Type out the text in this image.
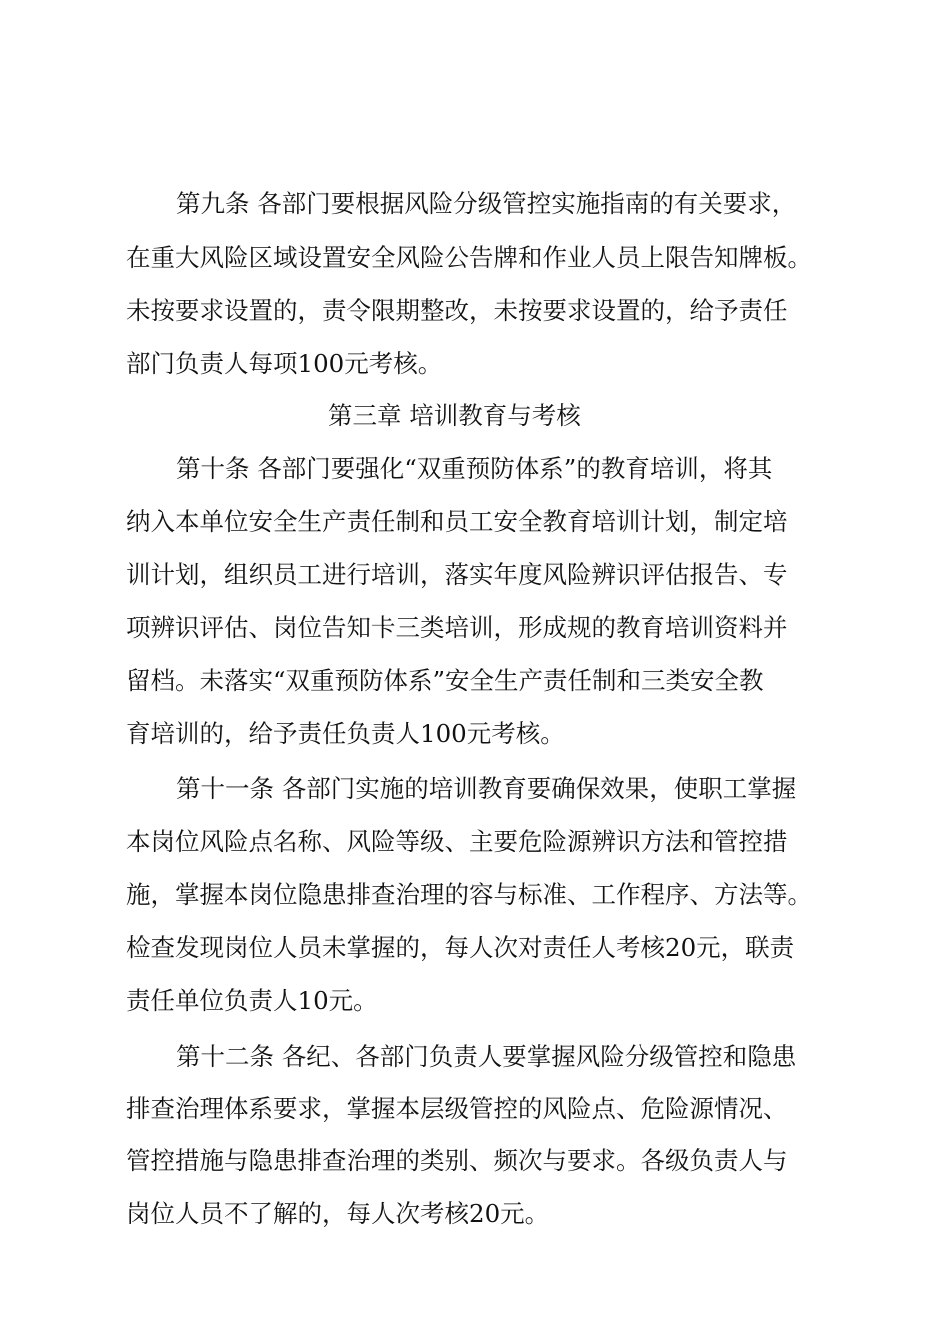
第九条 各部门要根据风险分级管控实施指南的有关要求，
在重大风险区域设置安全风险公告牌和作业人员上限告知牌板。
未按要求设置的，责令限期整改，未按要求设置的，给予责任
部门负责人每项100元考核。
第三章 培训教育与考核
第十条 各部门要强化“双重预防体系”的教育培训，将其
纳入本单位安全生产责任制和员工安全教育培训计划，制定培
训计划，组织员工进行培训，落实年度风险辨识评估报告、专
项辨识评估、岗位告知卡三类培训，形成规的教育培训资料并
留档。未落实“双重预防体系”安全生产责任制和三类安全教
育培训的，给予责任负责人100元考核。
第十一条 各部门实施的培训教育要确保效果，使职工掌握
本岗位风险点名称、风险等级、主要危险源辨识方法和管控措
施，掌握本岗位隐患排查治理的容与标准、工作程序、方法等。
检查发现岗位人员未掌握的，每人次对责任人考核20元，联责
责任单位负责人10元。
第十二条 各纪、各部门负责人要掌握风险分级管控和隐患
排查治理体系要求，掌握本层级管控的风险点、危险源情况、
管控措施与隐患排查治理的类别、频次与要求。各级负责人与
岗位人员不了解的，每人次考核20元。
